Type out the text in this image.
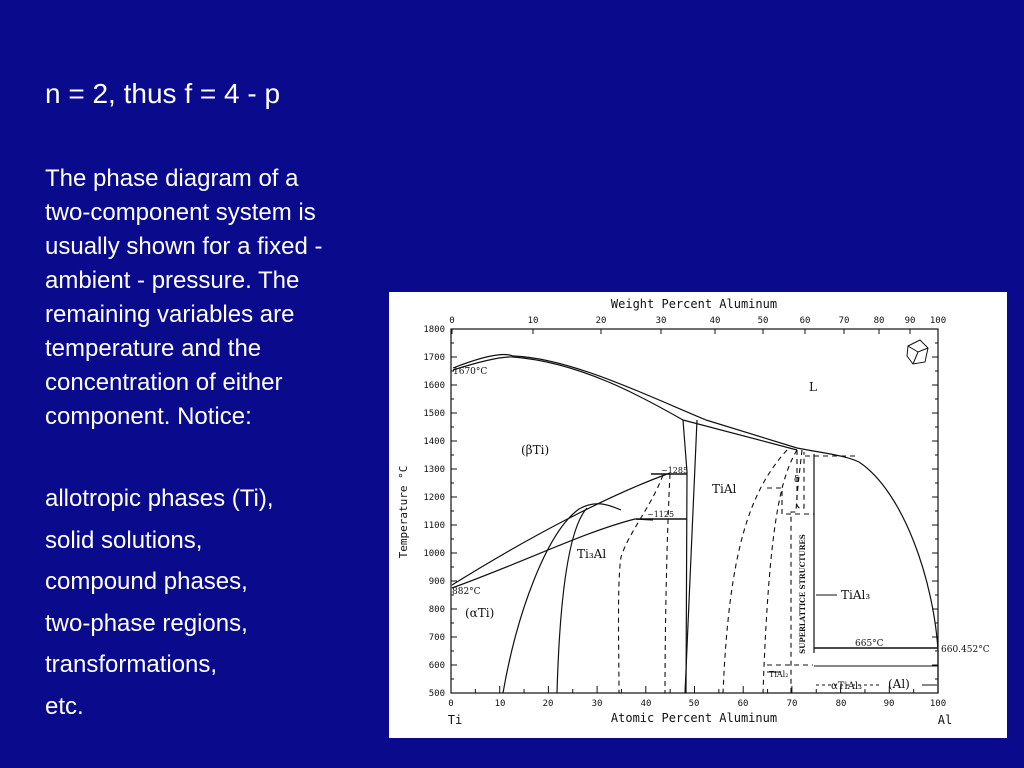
n = 2, thus f = 4 - p

The phase diagram of a
two-component system is
usually shown for a fixed -
ambient - pressure. The
remaining variables are
temperature and the
concentration of either
component. Notice:

allotropic phases (Ti),
solid solutions,
compound phases,
two-phase regions,
transformations,
etc.
Weight Percent Aluminum
Atomic Percent Aluminum
Temperature °C
Ti	Al
0	10	20	30	40	50	60	70	80 90 100
0	10	20	30	40	50	60	70	80	90	100
1800
1700
1600
1500
1400
1300
1200
1100
1000
900
800
700
600
500
1670°C
882°C
660.452°C
665°C
~1285
~1125
L
(βTi)
(αTi)
Ti₃Al
TiAl
TiAl₂
TiAl₃
αTiAl₃ (Al)
δ
SUPERLATTICE STRUCTURES
